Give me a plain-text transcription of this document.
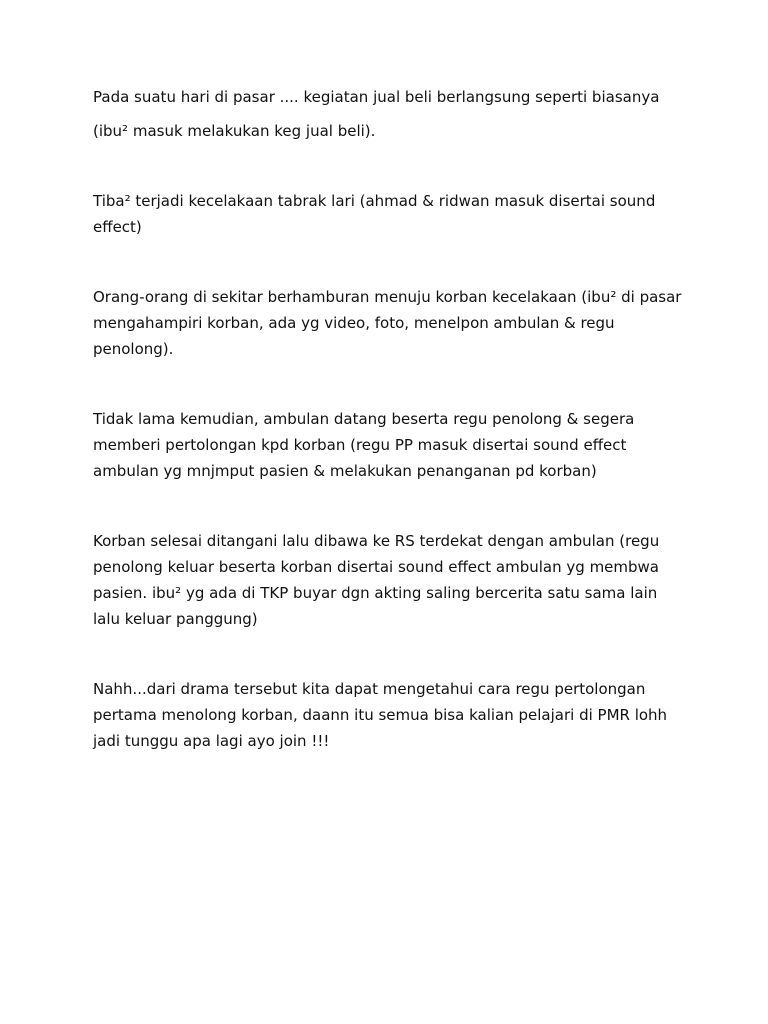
Pada suatu hari di pasar .... kegiatan jual beli berlangsung seperti biasanya

(ibu² masuk melakukan keg jual beli).

Tiba² terjadi kecelakaan tabrak lari (ahmad & ridwan masuk disertai sound effect)

Orang-orang di sekitar berhamburan menuju korban kecelakaan (ibu² di pasar mengahampiri korban, ada yg video, foto, menelpon ambulan & regu penolong).

Tidak lama kemudian, ambulan datang beserta regu penolong & segera memberi pertolongan kpd korban (regu PP masuk disertai sound effect ambulan yg mnjmput pasien & melakukan penanganan pd korban)

Korban selesai ditangani lalu dibawa ke RS terdekat dengan ambulan (regu penolong keluar beserta korban disertai sound effect ambulan yg membwa pasien. ibu² yg ada di TKP buyar dgn akting saling bercerita satu sama lain lalu keluar panggung)

Nahh...dari drama tersebut kita dapat mengetahui cara regu pertolongan pertama menolong korban, daann itu semua bisa kalian pelajari di PMR lohh jadi tunggu apa lagi ayo join !!!
